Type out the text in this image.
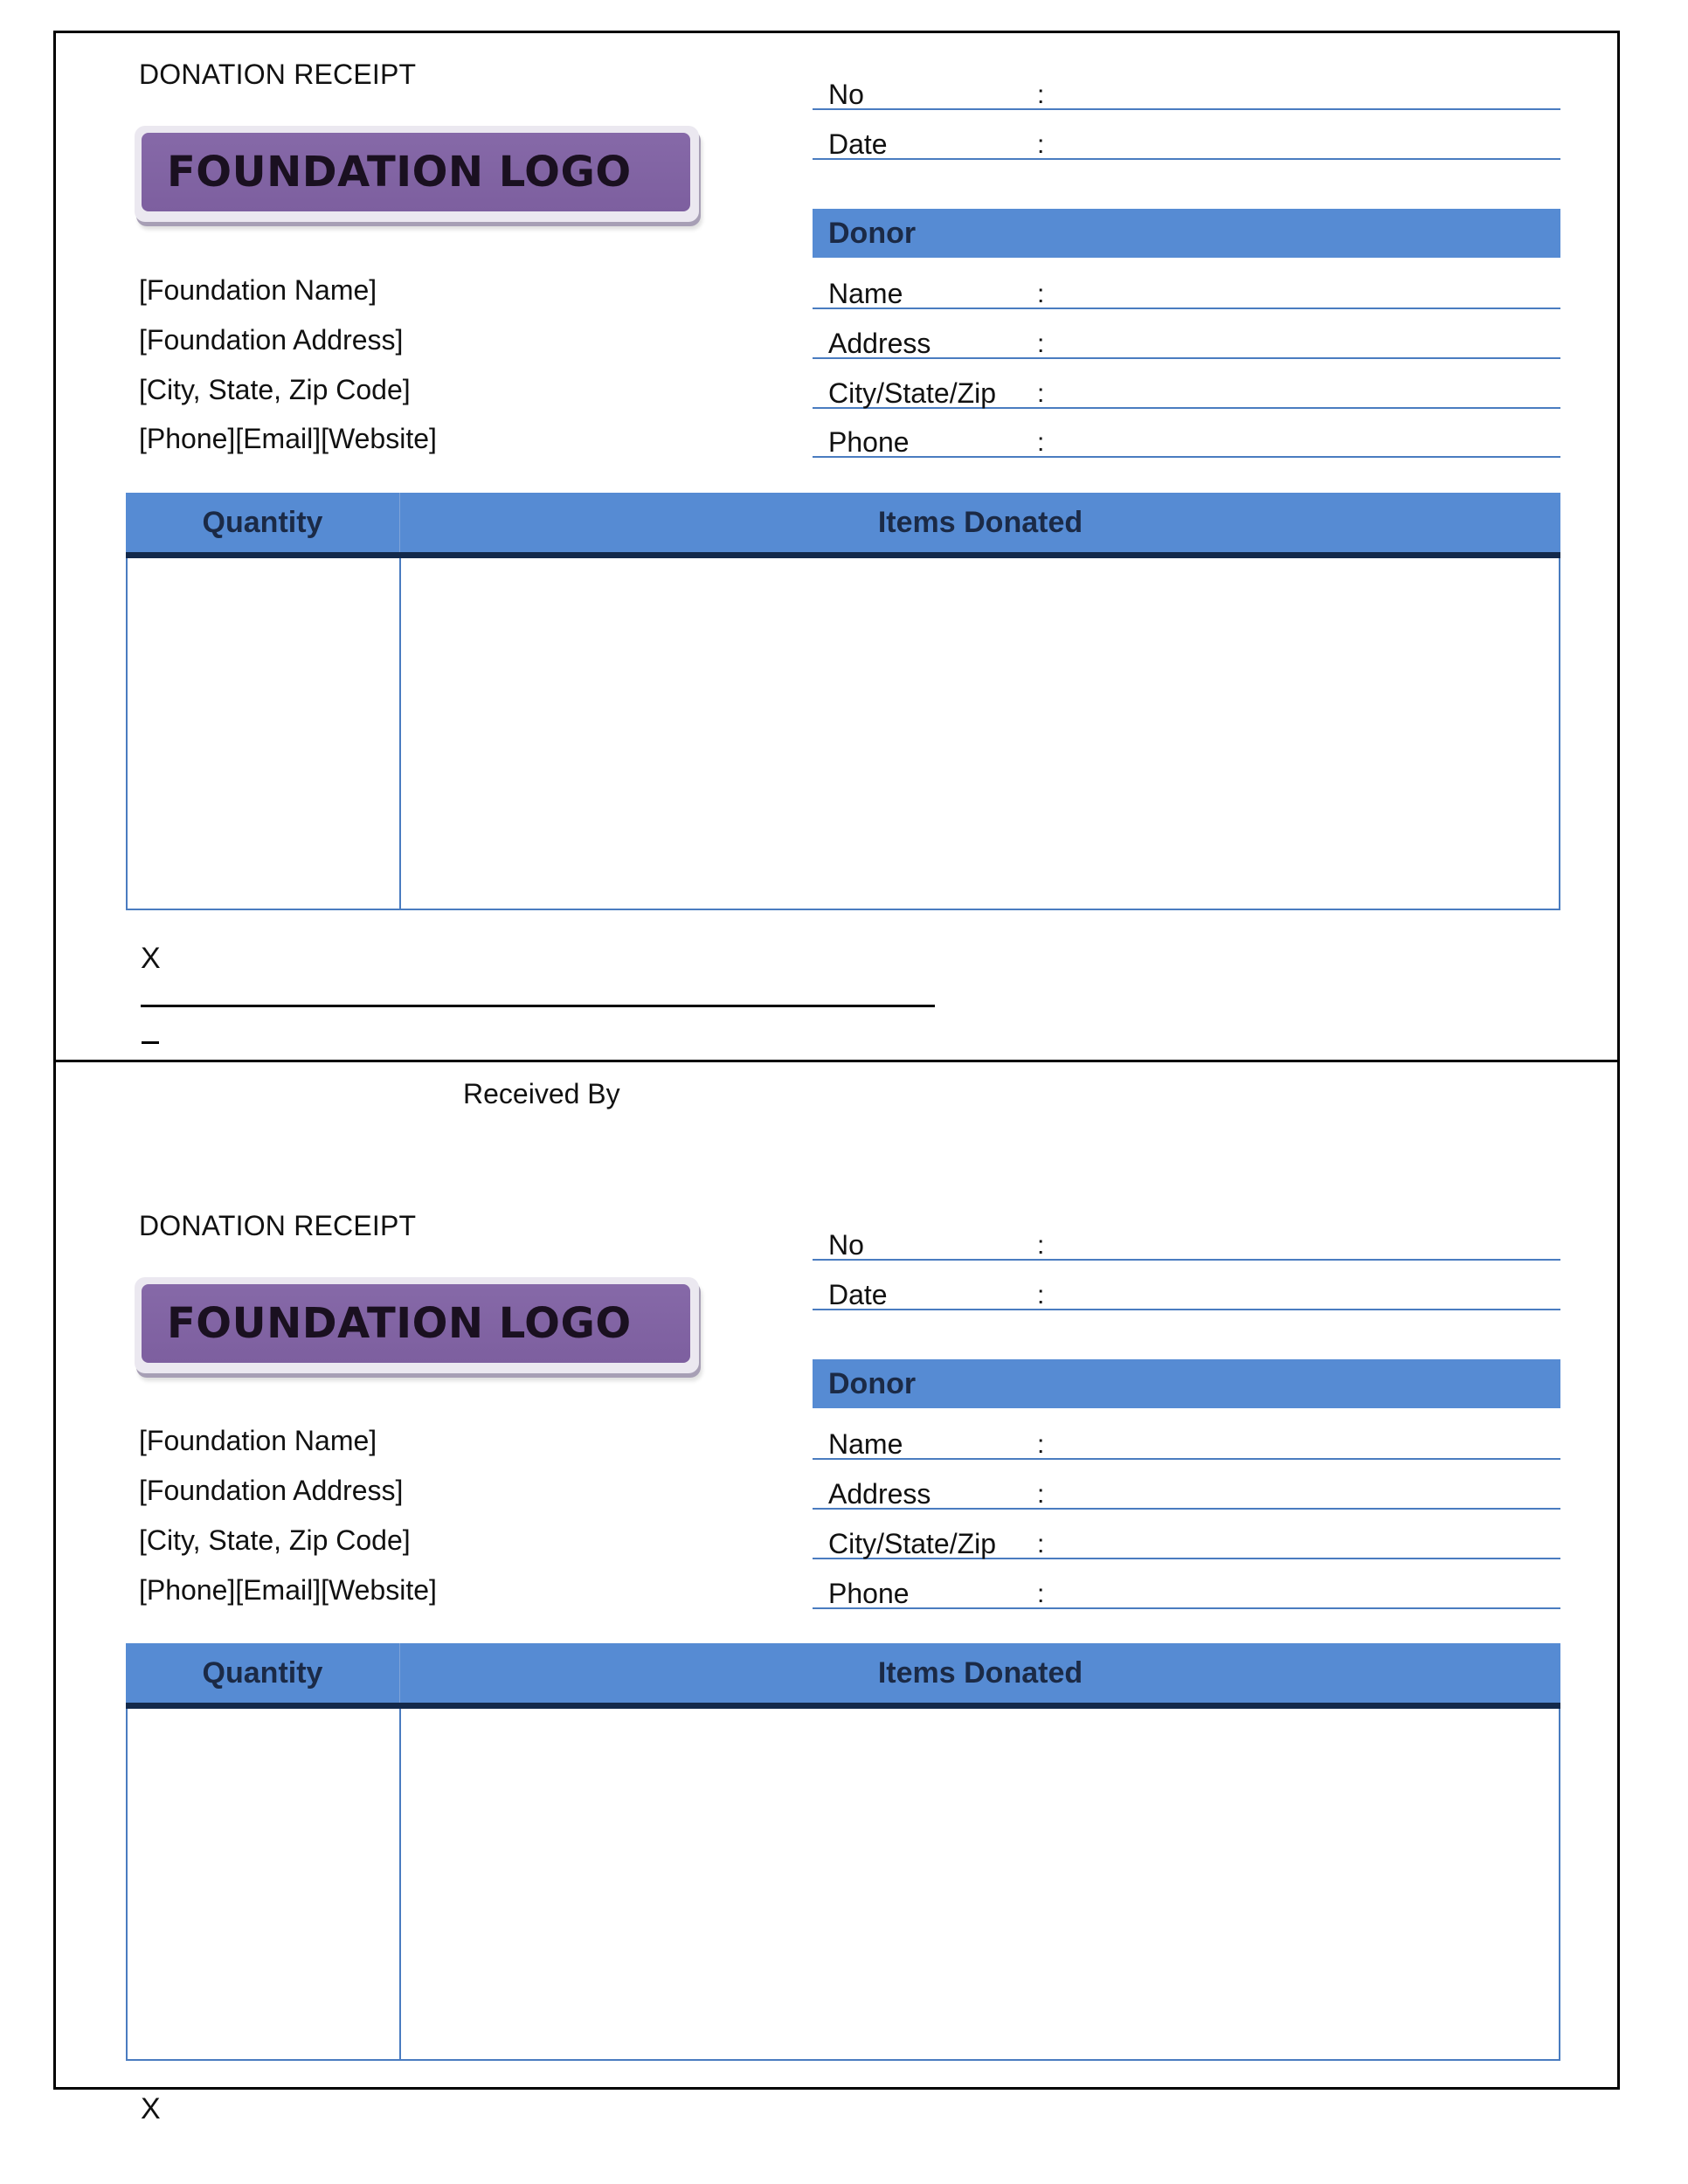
DONATION RECEIPT
FOUNDATION LOGO
[Foundation Name]
[Foundation Address]
[City, State, Zip Code]
[Phone][Email][Website]
No	:
Date	:
Donor
Name	:
Address	:
City/State/Zip :
Phone	:
Quantity	Items Donated
X
Received By
DONATION RECEIPT
FOUNDATION LOGO
[Foundation Name]
[Foundation Address]
[City, State, Zip Code]
[Phone][Email][Website]
No	:
Date	:
Donor
Name	:
Address	:
City/State/Zip :
Phone	:
Quantity	Items Donated
X
